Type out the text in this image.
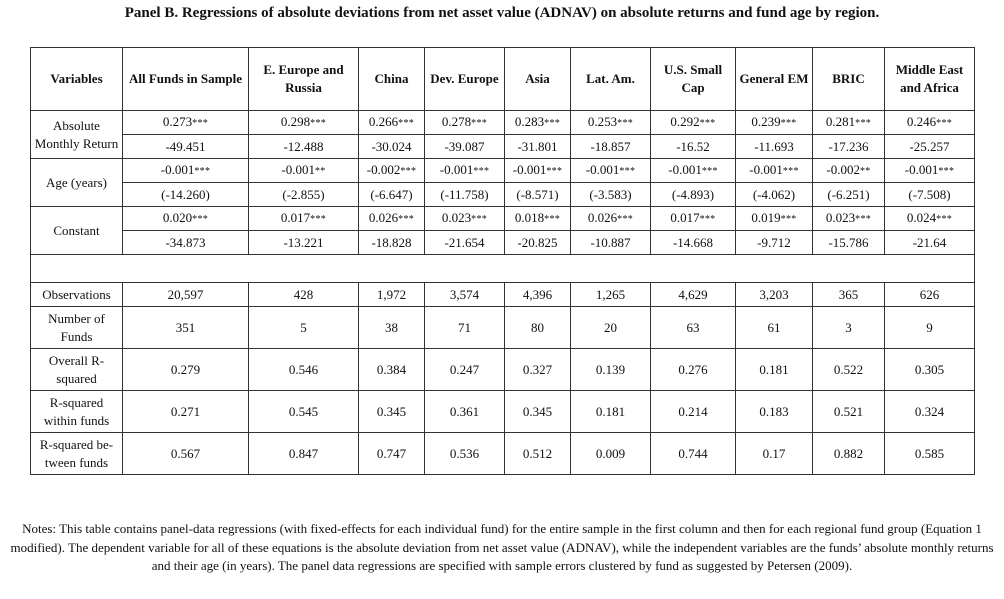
Panel B. Regressions of absolute deviations from net asset value (ADNAV) on absolute returns and fund age by region.
Variables	All Funds in Sample	E. Europe and Russia	China	Dev. Europe	Asia	Lat. Am.	U.S. Small Cap	General EM	BRIC	Middle East and Africa
Absolute Monthly Return	0.273***	0.298***	0.266***	0.278***	0.283***	0.253***	0.292***	0.239***	0.281***	0.246***
	-49.451	-12.488	-30.024	-39.087	-31.801	-18.857	-16.52	-11.693	-17.236	-25.257
Age (years)	-0.001***	-0.001**	-0.002***	-0.001***	-0.001***	-0.001***	-0.001***	-0.001***	-0.002**	-0.001***
	(-14.260)	(-2.855)	(-6.647)	(-11.758)	(-8.571)	(-3.583)	(-4.893)	(-4.062)	(-6.251)	(-7.508)
Constant	0.020***	0.017***	0.026***	0.023***	0.018***	0.026***	0.017***	0.019***	0.023***	0.024***
	-34.873	-13.221	-18.828	-21.654	-20.825	-10.887	-14.668	-9.712	-15.786	-21.64

Observations	20,597	428	1,972	3,574	4,396	1,265	4,629	3,203	365	626
Number of Funds	351	5	38	71	80	20	63	61	3	9
Overall R-squared	0.279	0.546	0.384	0.247	0.327	0.139	0.276	0.181	0.522	0.305
R-squared within funds	0.271	0.545	0.345	0.361	0.345	0.181	0.214	0.183	0.521	0.324
R-squared be-tween funds	0.567	0.847	0.747	0.536	0.512	0.009	0.744	0.17	0.882	0.585
Notes: This table contains panel-data regressions (with fixed-effects for each individual fund) for the entire sample in the first column and then for each regional fund group (Equation 1 modified). The dependent variable for all of these equations is the absolute deviation from net asset value (ADNAV), while the independent variables are the funds’ absolute monthly returns and their age (in years). The panel data regressions are specified with sample errors clustered by fund as suggested by Petersen (2009).
